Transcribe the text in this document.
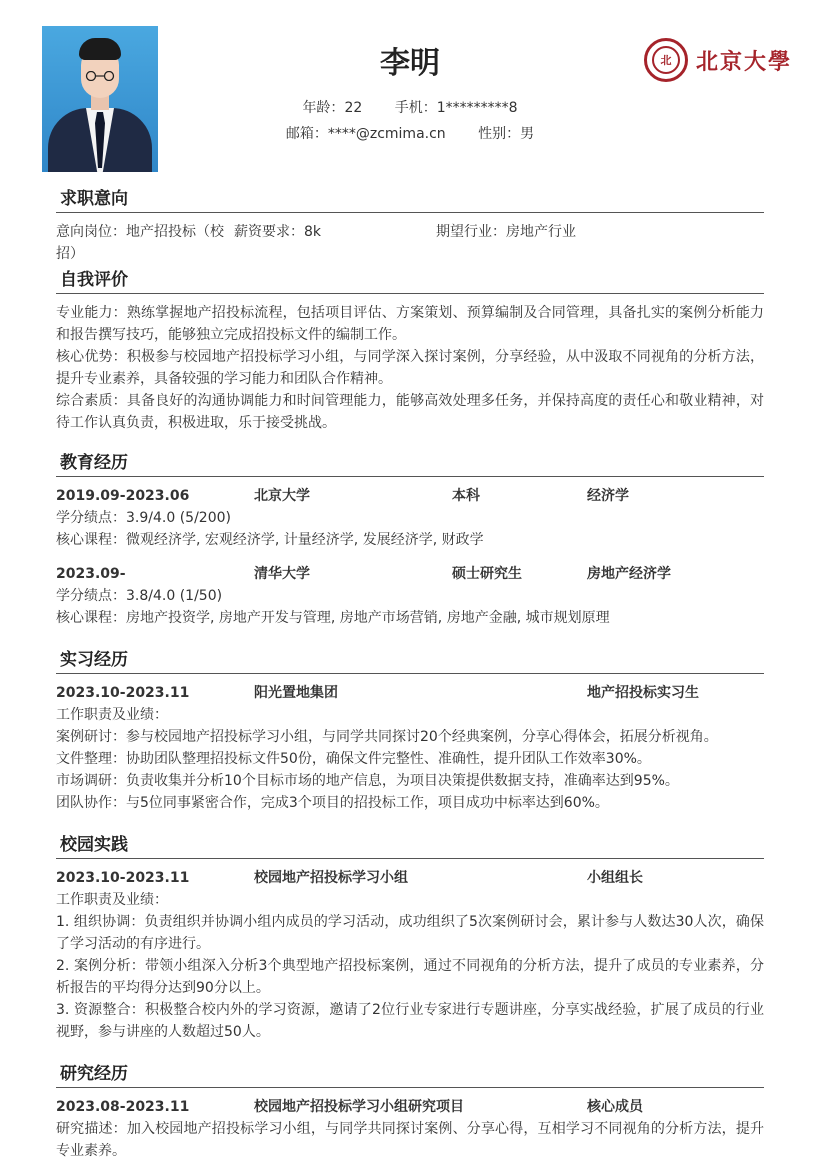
李明
年龄：22 手机：1*********8
邮箱：****@zcmima.cn 性别：男
北	北京大學
求职意向
意向岗位：地产招投标（校招）
薪资要求：8k	期望行业：房地产行业
自我评价
专业能力：熟练掌握地产招投标流程，包括项目评估、方案策划、预算编制及合同管理，具备扎实的案例分析能力和报告撰写技巧，能够独立完成招投标文件的编制工作。
核心优势：积极参与校园地产招投标学习小组，与同学深入探讨案例，分享经验，从中汲取不同视角的分析方法，提升专业素养，具备较强的学习能力和团队合作精神。
综合素质：具备良好的沟通协调能力和时间管理能力，能够高效处理多任务，并保持高度的责任心和敬业精神，对待工作认真负责，积极进取，乐于接受挑战。
教育经历
2019.09-2023.06	北京大学	本科	经济学
学分绩点：3.9/4.0 (5/200)
核心课程：微观经济学, 宏观经济学, 计量经济学, 发展经济学, 财政学
2023.09-	清华大学	硕士研究生	房地产经济学
学分绩点：3.8/4.0 (1/50)
核心课程：房地产投资学, 房地产开发与管理, 房地产市场营销, 房地产金融, 城市规划原理
实习经历
2023.10-2023.11	阳光置地集团	地产招投标实习生
工作职责及业绩：
案例研讨：参与校园地产招投标学习小组，与同学共同探讨20个经典案例，分享心得体会，拓展分析视角。
文件整理：协助团队整理招投标文件50份，确保文件完整性、准确性，提升团队工作效率30%。
市场调研：负责收集并分析10个目标市场的地产信息，为项目决策提供数据支持，准确率达到95%。
团队协作：与5位同事紧密合作，完成3个项目的招投标工作，项目成功中标率达到60%。
校园实践
2023.10-2023.11	校园地产招投标学习小组	小组组长
工作职责及业绩：
1. 组织协调：负责组织并协调小组内成员的学习活动，成功组织了5次案例研讨会，累计参与人数达30人次，确保了学习活动的有序进行。
2. 案例分析：带领小组深入分析3个典型地产招投标案例，通过不同视角的分析方法，提升了成员的专业素养，分析报告的平均得分达到90分以上。
3. 资源整合：积极整合校内外的学习资源，邀请了2位行业专家进行专题讲座，分享实战经验，扩展了成员的行业视野，参与讲座的人数超过50人。
研究经历
2023.08-2023.11	校园地产招投标学习小组研究项目	核心成员
研究描述：加入校园地产招投标学习小组，与同学共同探讨案例、分享心得，互相学习不同视角的分析方法，提升专业素养。
